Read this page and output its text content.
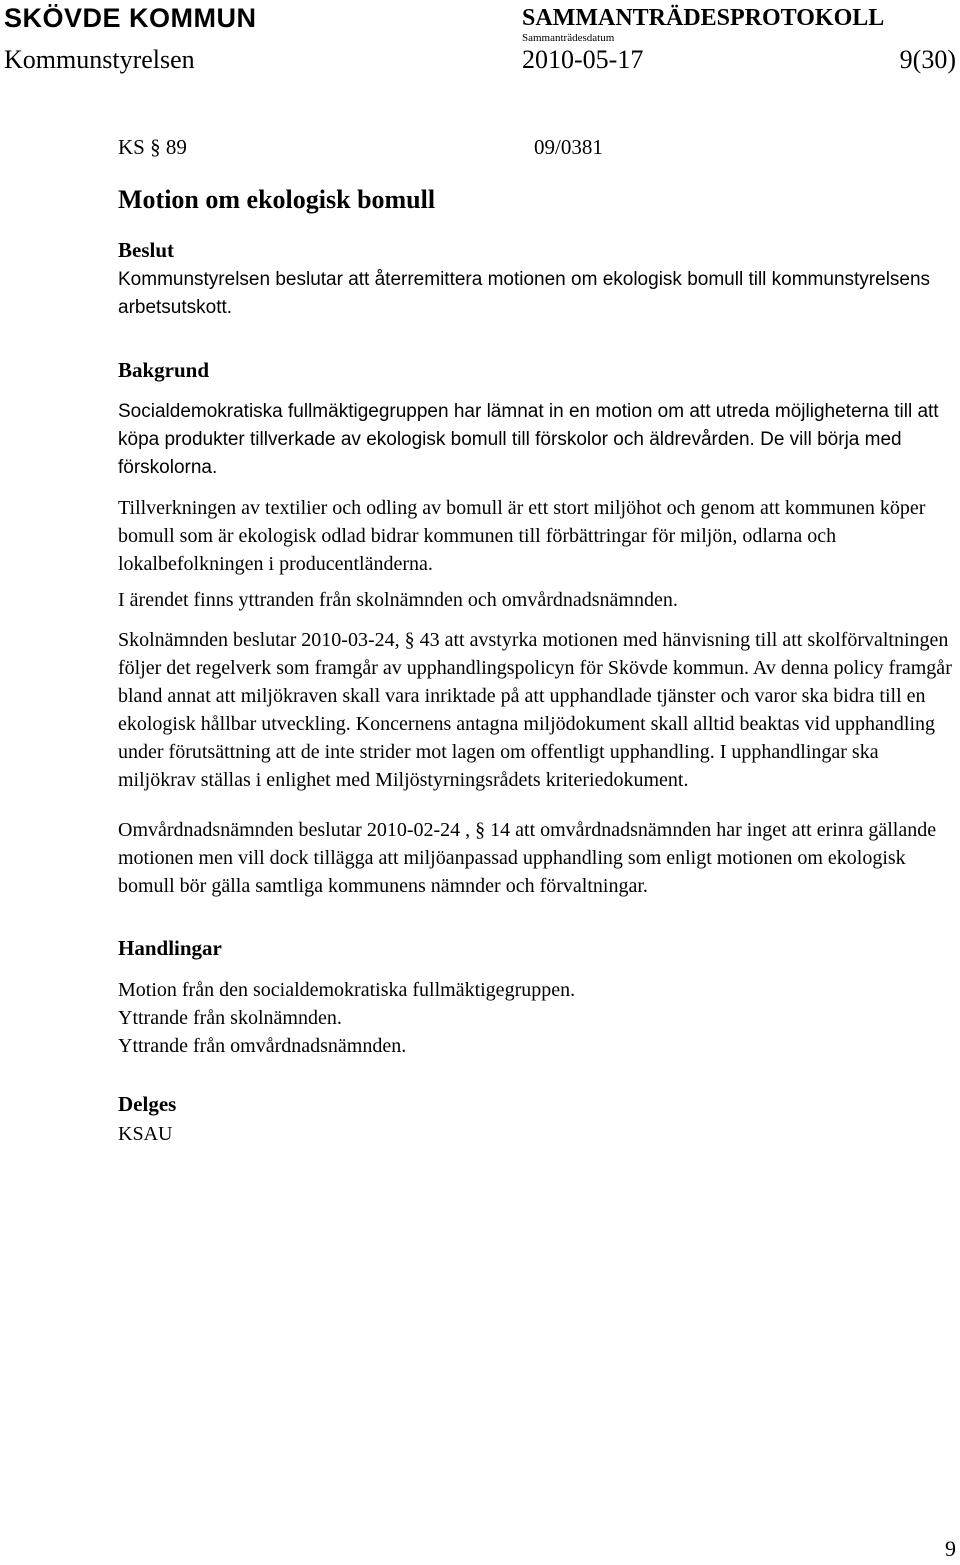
SKÖVDE KOMMUN	SAMMANTRÄDESPROTOKOLL
Sammanträdesdatum
Kommunstyrelsen	2010-05-17	9(30)
KS § 89	09/0381
Motion om ekologisk bomull
Beslut

Kommunstyrelsen beslutar att återremittera motionen om ekologisk bomull till kommunstyrelsens arbetsutskott.

Bakgrund

Socialdemokratiska fullmäktigegruppen har lämnat in en motion om att utreda möjligheterna till att köpa produkter tillverkade av ekologisk bomull till förskolor och äldrevården. De vill börja med förskolorna.

Tillverkningen av textilier och odling av bomull är ett stort miljöhot och genom att kommunen köper bomull som är ekologisk odlad bidrar kommunen till förbättringar för miljön, odlarna och lokalbefolkningen i producentländerna.

I ärendet finns yttranden från skolnämnden och omvårdnadsnämnden.

Skolnämnden beslutar 2010-03-24, § 43 att avstyrka motionen med hänvisning till att skolförvaltningen följer det regelverk som framgår av upphandlingspolicyn för Skövde kommun. Av denna policy framgår bland annat att miljökraven skall vara inriktade på att upphandlade tjänster och varor ska bidra till en ekologisk hållbar utveckling. Koncernens antagna miljödokument skall alltid beaktas vid upphandling under förutsättning att de inte strider mot lagen om offentligt upphandling. I upphandlingar ska miljökrav ställas i enlighet med Miljöstyrningsrådets kriteriedokument.

Omvårdnadsnämnden beslutar 2010-02-24 , § 14 att omvårdnadsnämnden har inget att erinra gällande motionen men vill dock tillägga att miljöanpassad upphandling som enligt motionen om ekologisk bomull bör gälla samtliga kommunens nämnder och förvaltningar.

Handlingar

Motion från den socialdemokratiska fullmäktigegruppen.
Yttrande från skolnämnden.
Yttrande från omvårdnadsnämnden.

Delges

KSAU

9
